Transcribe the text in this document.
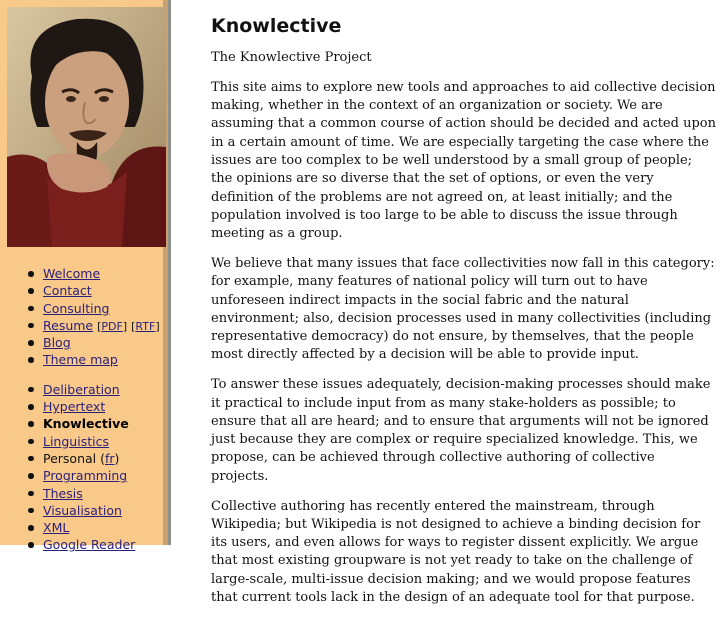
Welcome
Contact
Consulting
Resume [PDF] [RTF]
Blog
Theme map
Deliberation
Hypertext
Knowlective
Linguistics
Personal (fr)
Programming
Thesis
Visualisation
XML
Google Reader
Knowlective

The Knowlective Project

This site aims to explore new tools and approaches to aid collective decision making, whether in the context of an organization or society. We are assuming that a common course of action should be decided and acted upon in a certain amount of time. We are especially targeting the case where the issues are too complex to be well understood by a small group of people; the opinions are so diverse that the set of options, or even the very definition of the problems are not agreed on, at least initially; and the population involved is too large to be able to discuss the issue through meeting as a group.

We believe that many issues that face collectivities now fall in this category: for example, many features of national policy will turn out to have unforeseen indirect impacts in the social fabric and the natural environment; also, decision processes used in many collectivities (including representative democracy) do not ensure, by themselves, that the people most directly affected by a decision will be able to provide input.

To answer these issues adequately, decision-making processes should make it practical to include input from as many stake-holders as possible; to ensure that all are heard; and to ensure that arguments will not be ignored just because they are complex or require specialized knowledge. This, we propose, can be achieved through collective authoring of collective projects.

Collective authoring has recently entered the mainstream, through Wikipedia; but Wikipedia is not designed to achieve a binding decision for its users, and even allows for ways to register dissent explicitly. We argue that most existing groupware is not yet ready to take on the challenge of large-scale, multi-issue decision making; and we would propose features that current tools lack in the design of an adequate tool for that purpose.
